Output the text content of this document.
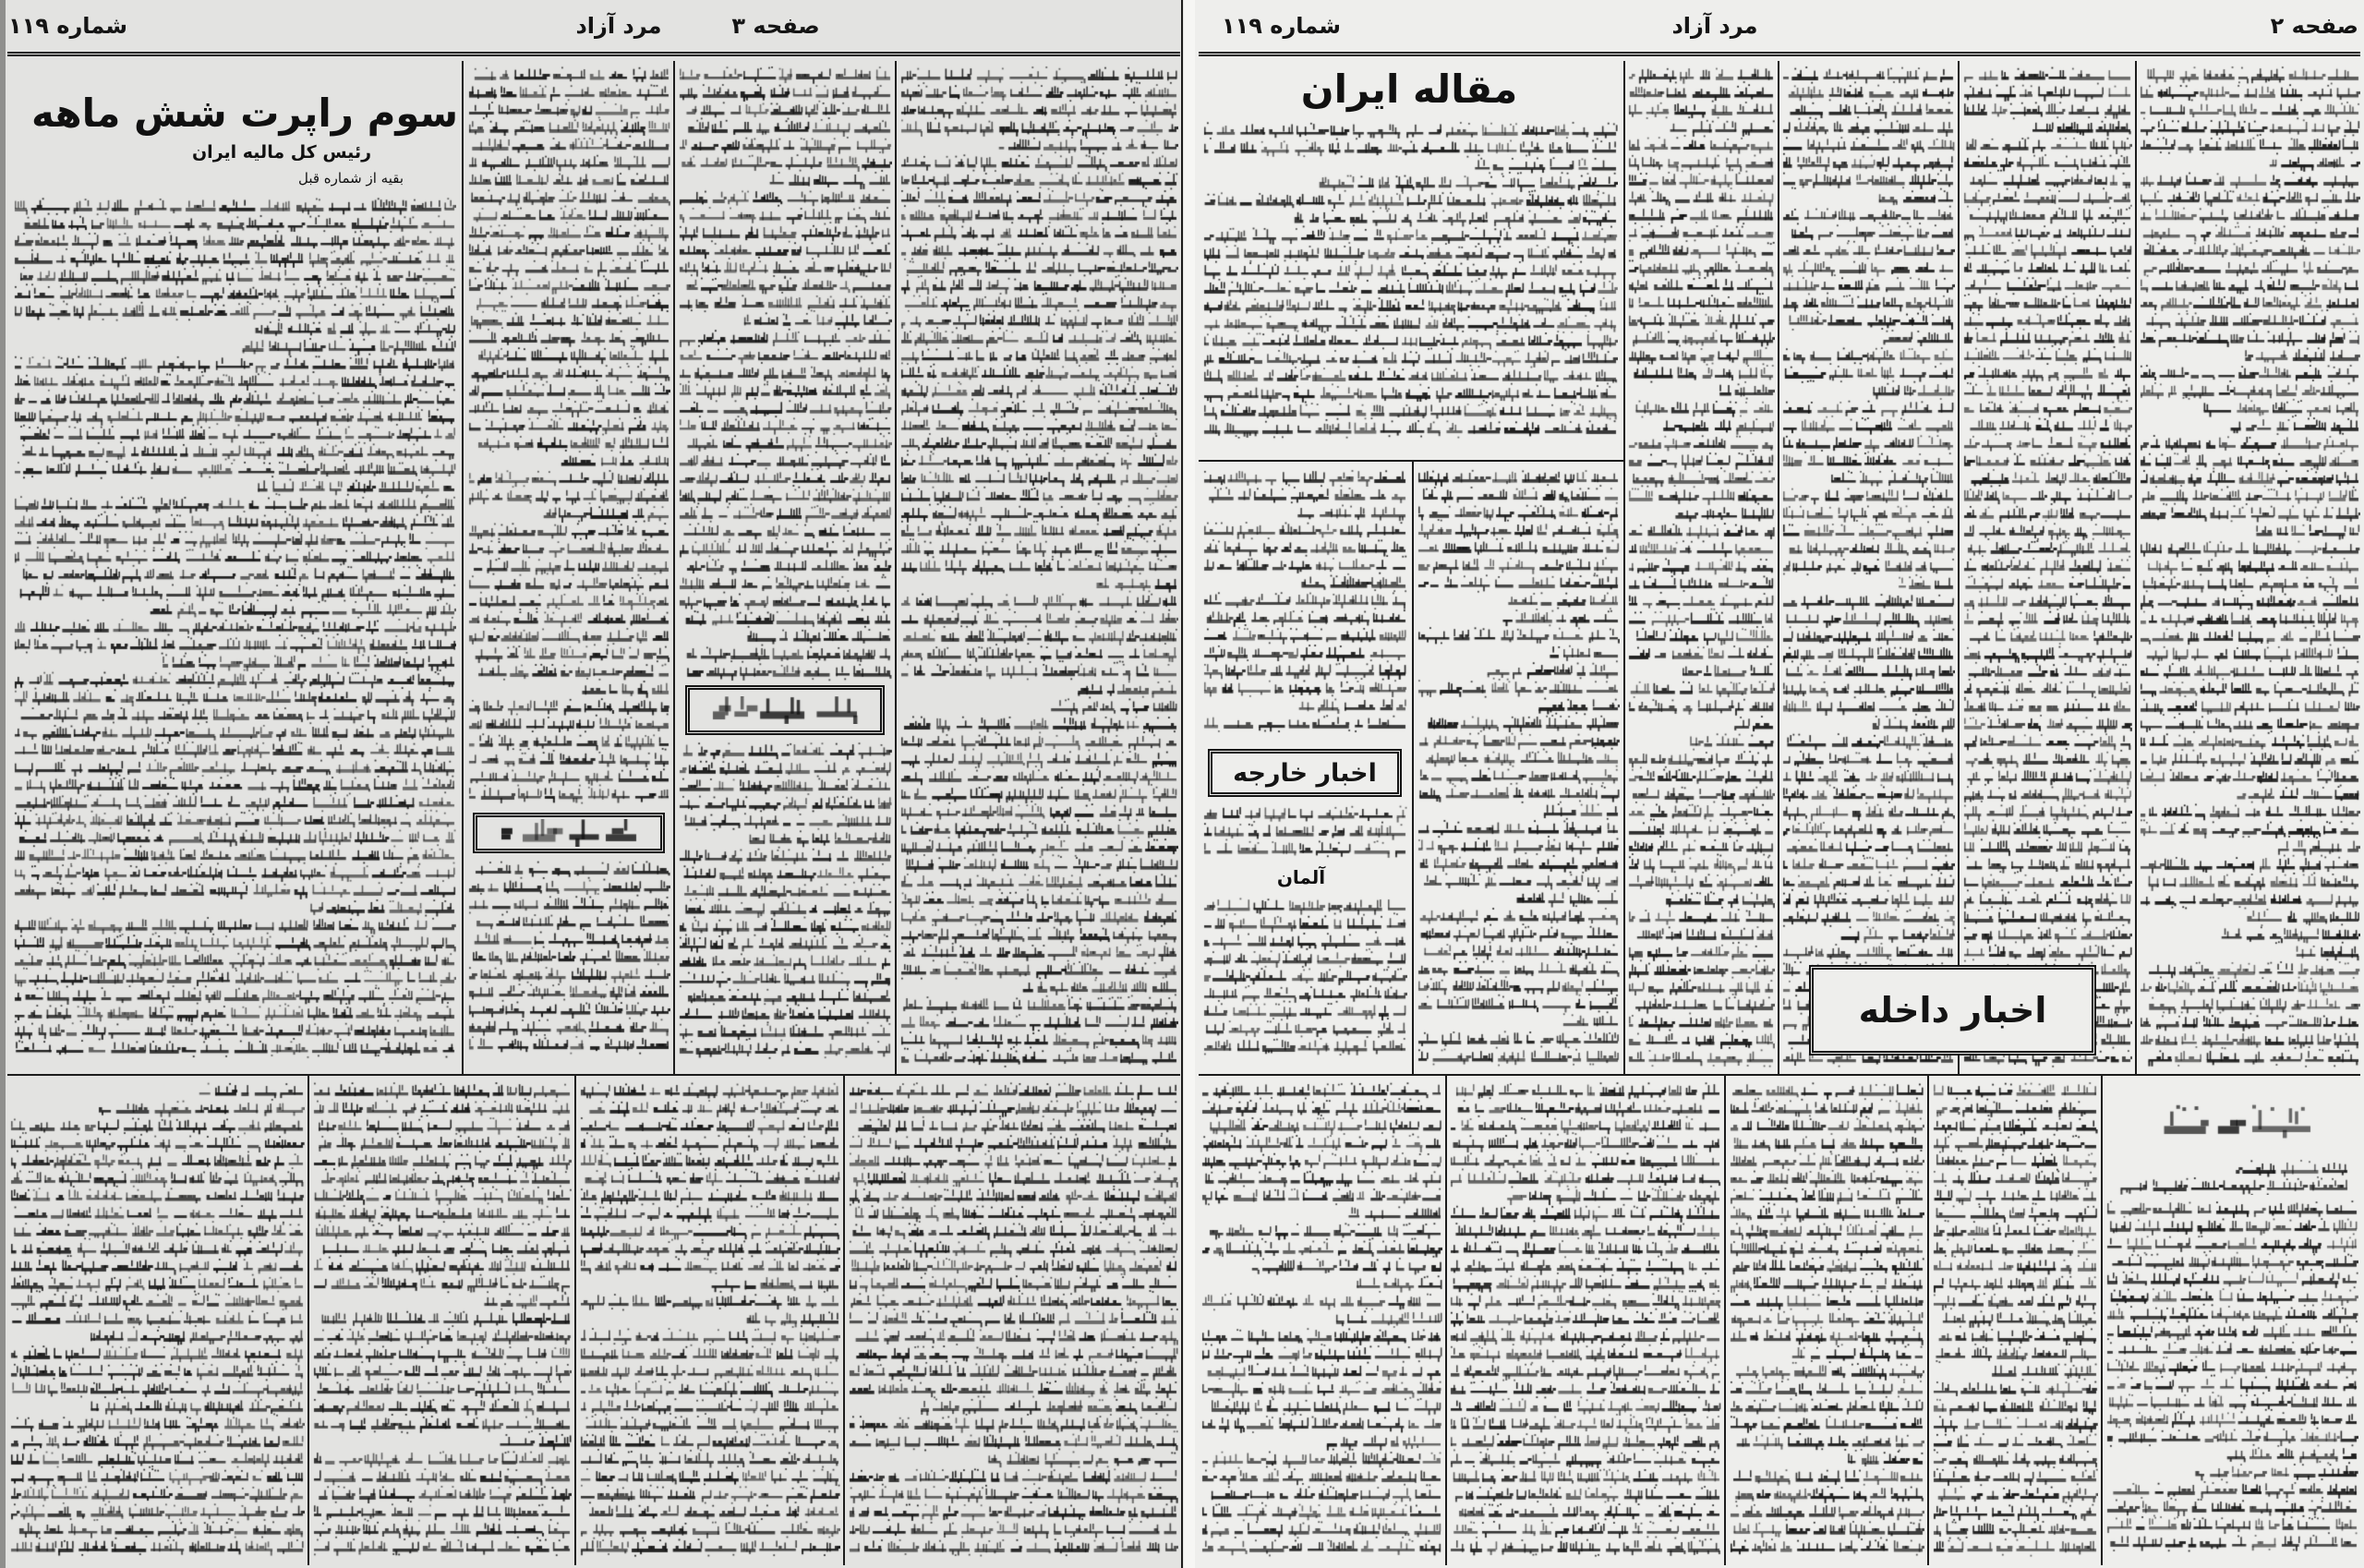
شماره ۱۱۹	مرد آزاد	صفحه ۳
سوم راپرت شش ماهه
رئیس کل مالیه ایران
بقیه از شماره قبل
شماره ۱۱۹	مرد آزاد	صفحه ۲
مقاله ایران
اخبار خارجه
آلمان
اخبار داخله
